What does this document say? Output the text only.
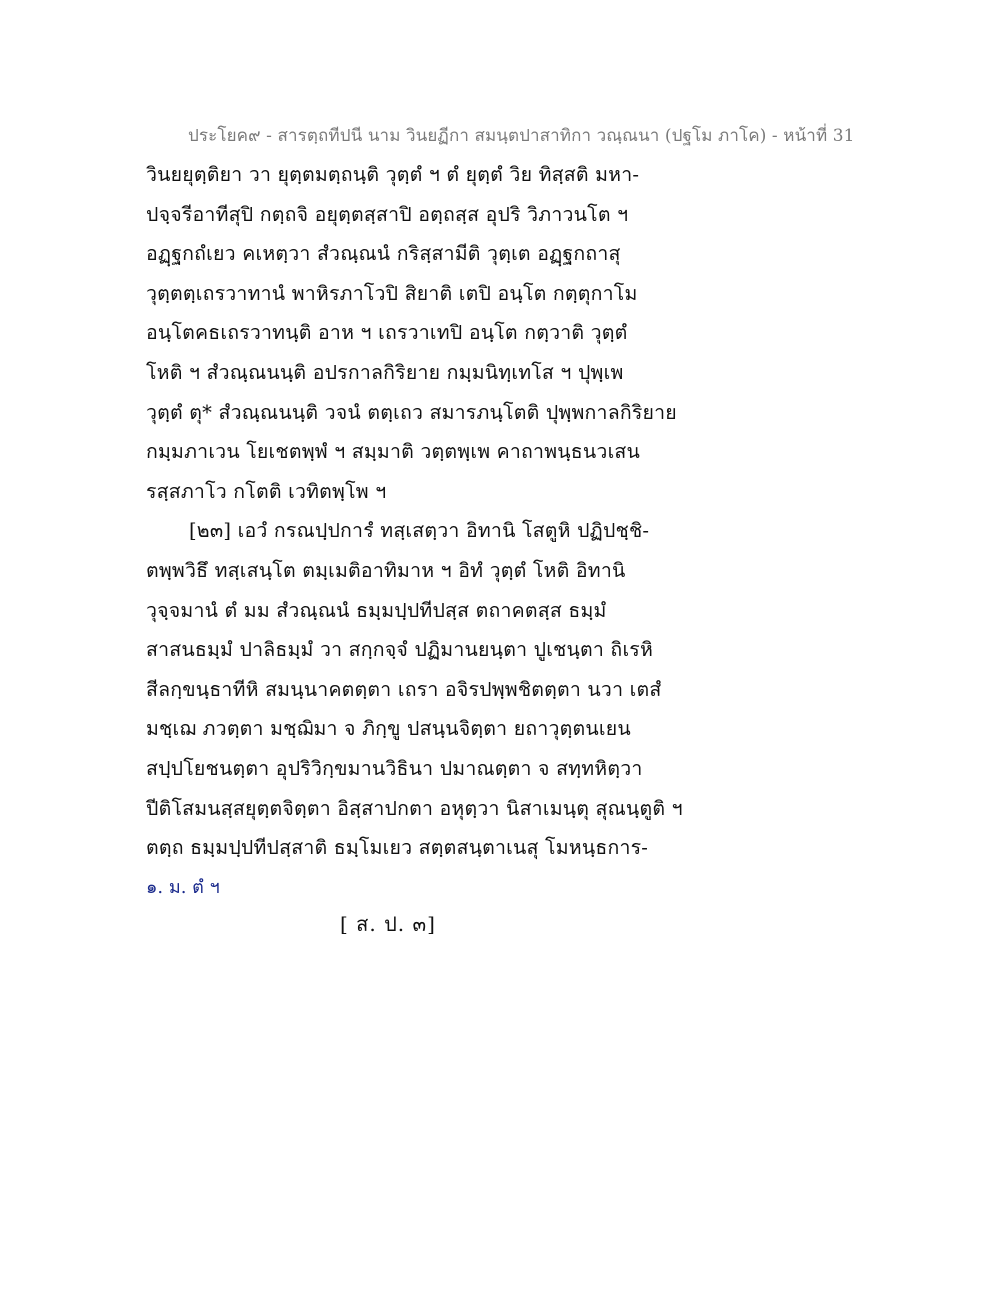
ประโยค๙ - สารตฺถทีปนี นาม วินยฏีกา สมนฺตปาสาทิกา วณฺณนา (ปฐโม ภาโค) - หน้าที่ 31
วินยยุตฺติยา วา ยุตฺตมตฺถนฺติ วุตฺตํ ฯ ตํ ยุตฺตํ วิย ทิสฺสติ มหา-
ปจฺจรีอาทีสุปิ กตฺถจิ อยุตฺตสฺสาปิ อตฺถสฺส อุปริ วิภาวนโต ฯ
อฏฺฐกถํเยว คเหตฺวา สํวณฺณนํ กริสฺสามีติ วุตฺเต อฏฺฐกถาสุ
วุตฺตตฺเถรวาทานํ พาหิรภาโวปิ สิยาติ เตปิ อนฺโต กตฺตุกาโม
อนฺโตคธเถรวาทนฺติ อาห ฯ เถรวาเทปิ อนฺโต กตฺวาติ วุตฺตํ
โหติ ฯ สํวณฺณนนฺติ อปรกาลกิริยาย กมฺมนิทฺเทโส ฯ ปุพฺเพ
วุตฺตํ ตุ* สํวณฺณนนฺติ วจนํ ตตฺเถว สมารภนฺโตติ ปุพฺพกาลกิริยาย
กมฺมภาเวน โยเชตพฺพํ ฯ สมฺมาติ วตฺตพฺเพ คาถาพนฺธนวเสน
รสฺสภาโว กโตติ เวทิตพฺโพ ฯ
[๒๓] เอวํ กรณปฺปการํ ทสฺเสตฺวา อิทานิ โสตูหิ ปฏิปชฺชิ-
ตพฺพวิธึ ทสฺเสนฺโต ตมฺเมติอาทิมาห ฯ อิทํ วุตฺตํ โหติ อิทานิ
วุจฺจมานํ ตํ มม สํวณฺณนํ ธมฺมปฺปทีปสฺส ตถาคตสฺส ธมฺมํ
สาสนธมฺมํ ปาลิธมฺมํ วา สกฺกจฺจํ ปฏิมานยนฺตา ปูเชนฺตา ถิเรหิ
สีลกฺขนฺธาทีหิ สมนฺนาคตตฺตา เถรา อจิรปพฺพชิตตฺตา นวา เตสํ
มชฺเฌ ภวตฺตา มชฺฌิมา จ ภิกฺขู ปสนฺนจิตฺตา ยถาวุตฺตนเยน
สปฺปโยชนตฺตา อุปริวิกฺขมานวิธินา ปมาณตฺตา จ สทฺทหิตฺวา
ปีติโสมนสฺสยุตฺตจิตฺตา อิสฺสาปกตา อหุตฺวา นิสาเมนฺตุ สุณนฺตูติ ฯ
ตตฺถ ธมฺมปฺปทีปสฺสาติ ธมฺโมเยว สตฺตสนฺตาเนสุ โมหนฺธการ-
๑. ม. ตํ ฯ
[ ส. ป. ๓]
